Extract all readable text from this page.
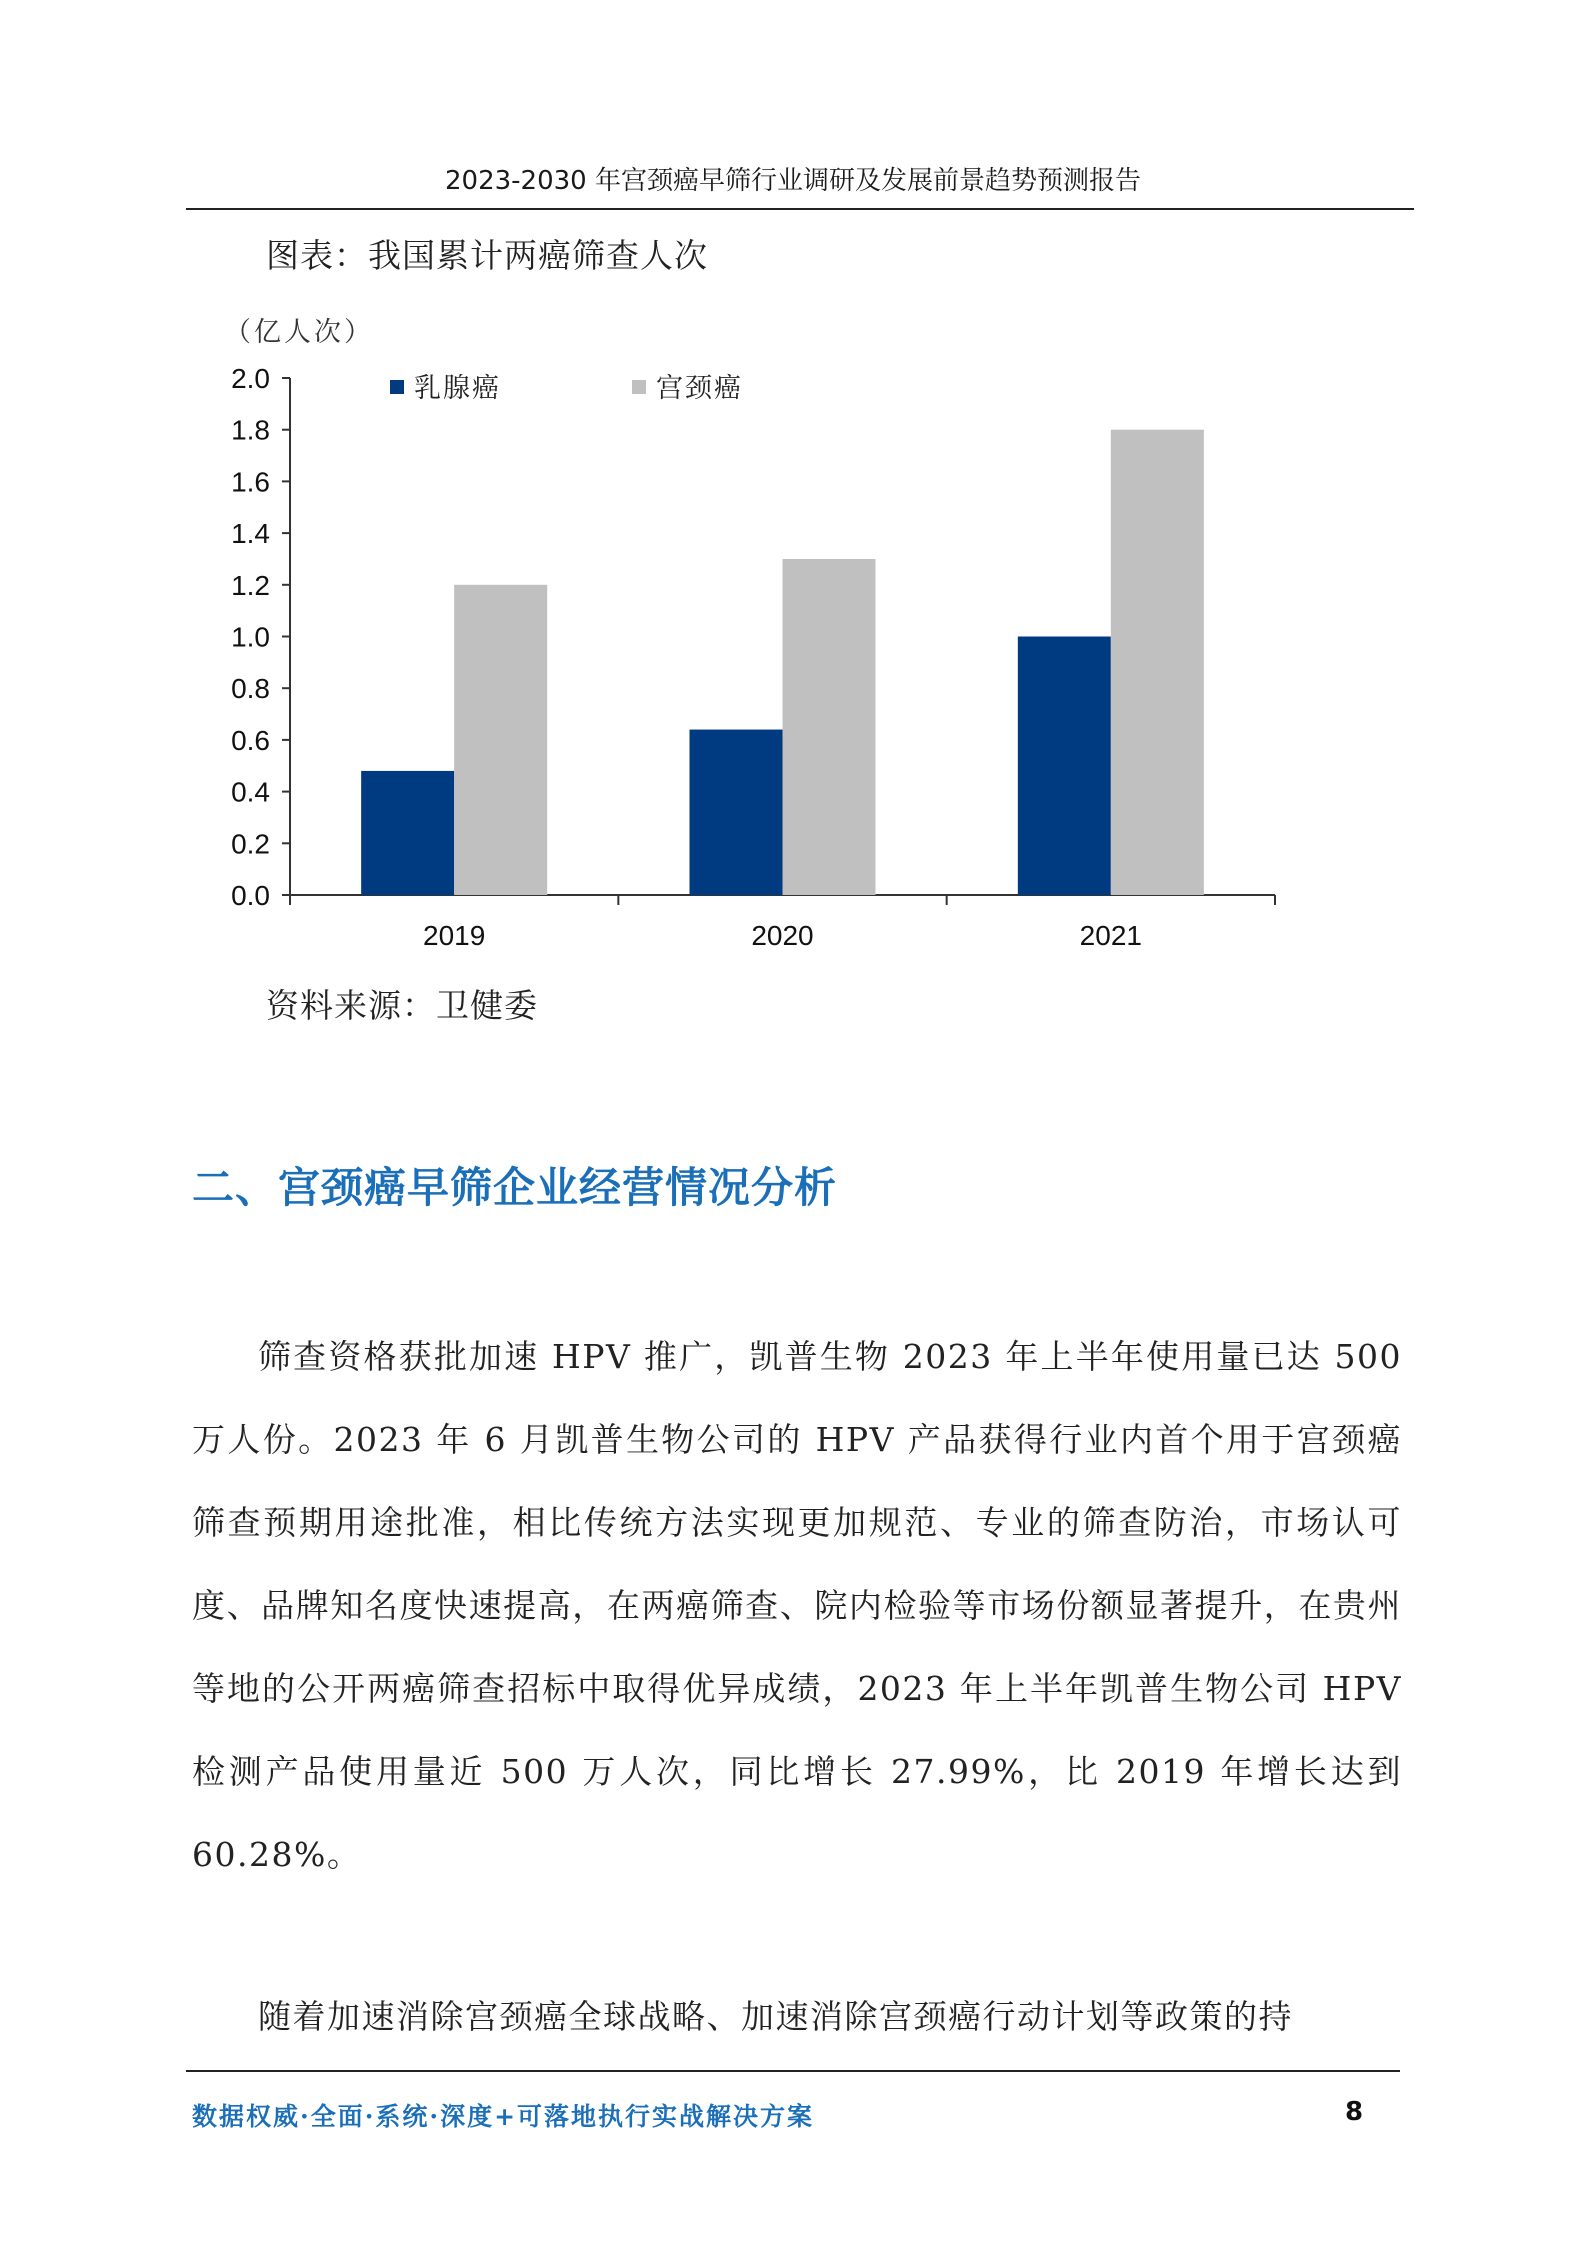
2023-2030 年宫颈癌早筛行业调研及发展前景趋势预测报告
图表：我国累计两癌筛查人次
（亿人次）
0.0
0.2
0.4
0.6
0.8
1.0
1.2
1.4
1.6
1.8
2.0
2019	2020	2021
乳腺癌	宫颈癌
资料来源：卫健委
二、宫颈癌早筛企业经营情况分析

筛查资格获批加速 HPV 推广，凯普生物 2023 年上半年使用量已达 500 万人份。2023 年 6 月凯普生物公司的 HPV 产品获得行业内首个用于宫颈癌筛查预期用途批准，相比传统方法实现更加规范、专业的筛查防治，市场认可度、品牌知名度快速提高，在两癌筛查、院内检验等市场份额显著提升，在贵州等地的公开两癌筛查招标中取得优异成绩，2023 年上半年凯普生物公司 HPV 检测产品使用量近 500 万人次，同比增长 27.99%，比 2019 年增长达到 60.28%。

随着加速消除宫颈癌全球战略、加速消除宫颈癌行动计划等政策的持

数据权威·全面·系统·深度+可落地执行实战解决方案	8
